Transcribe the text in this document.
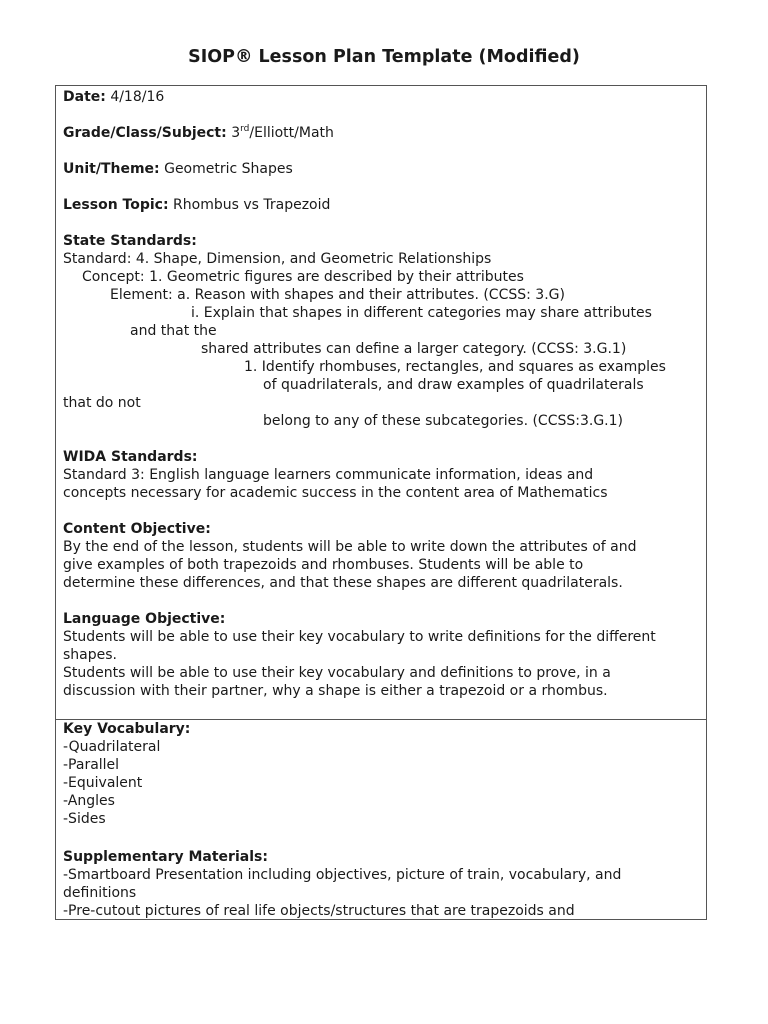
SIOP® Lesson Plan Template (Modified)
Date: 4/18/16
Grade/Class/Subject: 3rd/Elliott/Math
Unit/Theme: Geometric Shapes
Lesson Topic: Rhombus vs Trapezoid
State Standards:
Standard: 4. Shape, Dimension, and Geometric Relationships
Concept: 1. Geometric figures are described by their attributes
Element: a. Reason with shapes and their attributes. (CCSS: 3.G)
i. Explain that shapes in different categories may share attributes
and that the
shared attributes can define a larger category. (CCSS: 3.G.1)
1. Identify rhombuses, rectangles, and squares as examples
of quadrilaterals, and draw examples of quadrilaterals
that do not
belong to any of these subcategories. (CCSS:3.G.1)
WIDA Standards:
Standard 3: English language learners communicate information, ideas and
concepts necessary for academic success in the content area of Mathematics
Content Objective:
By the end of the lesson, students will be able to write down the attributes of and
give examples of both trapezoids and rhombuses. Students will be able to
determine these differences, and that these shapes are different quadrilaterals.
Language Objective:
Students will be able to use their key vocabulary to write definitions for the different
shapes.
Students will be able to use their key vocabulary and definitions to prove, in a
discussion with their partner, why a shape is either a trapezoid or a rhombus.
Key Vocabulary:
-Quadrilateral
-Parallel
-Equivalent
-Angles
-Sides
Supplementary Materials:
-Smartboard Presentation including objectives, picture of train, vocabulary, and
definitions
-Pre-cutout pictures of real life objects/structures that are trapezoids and
